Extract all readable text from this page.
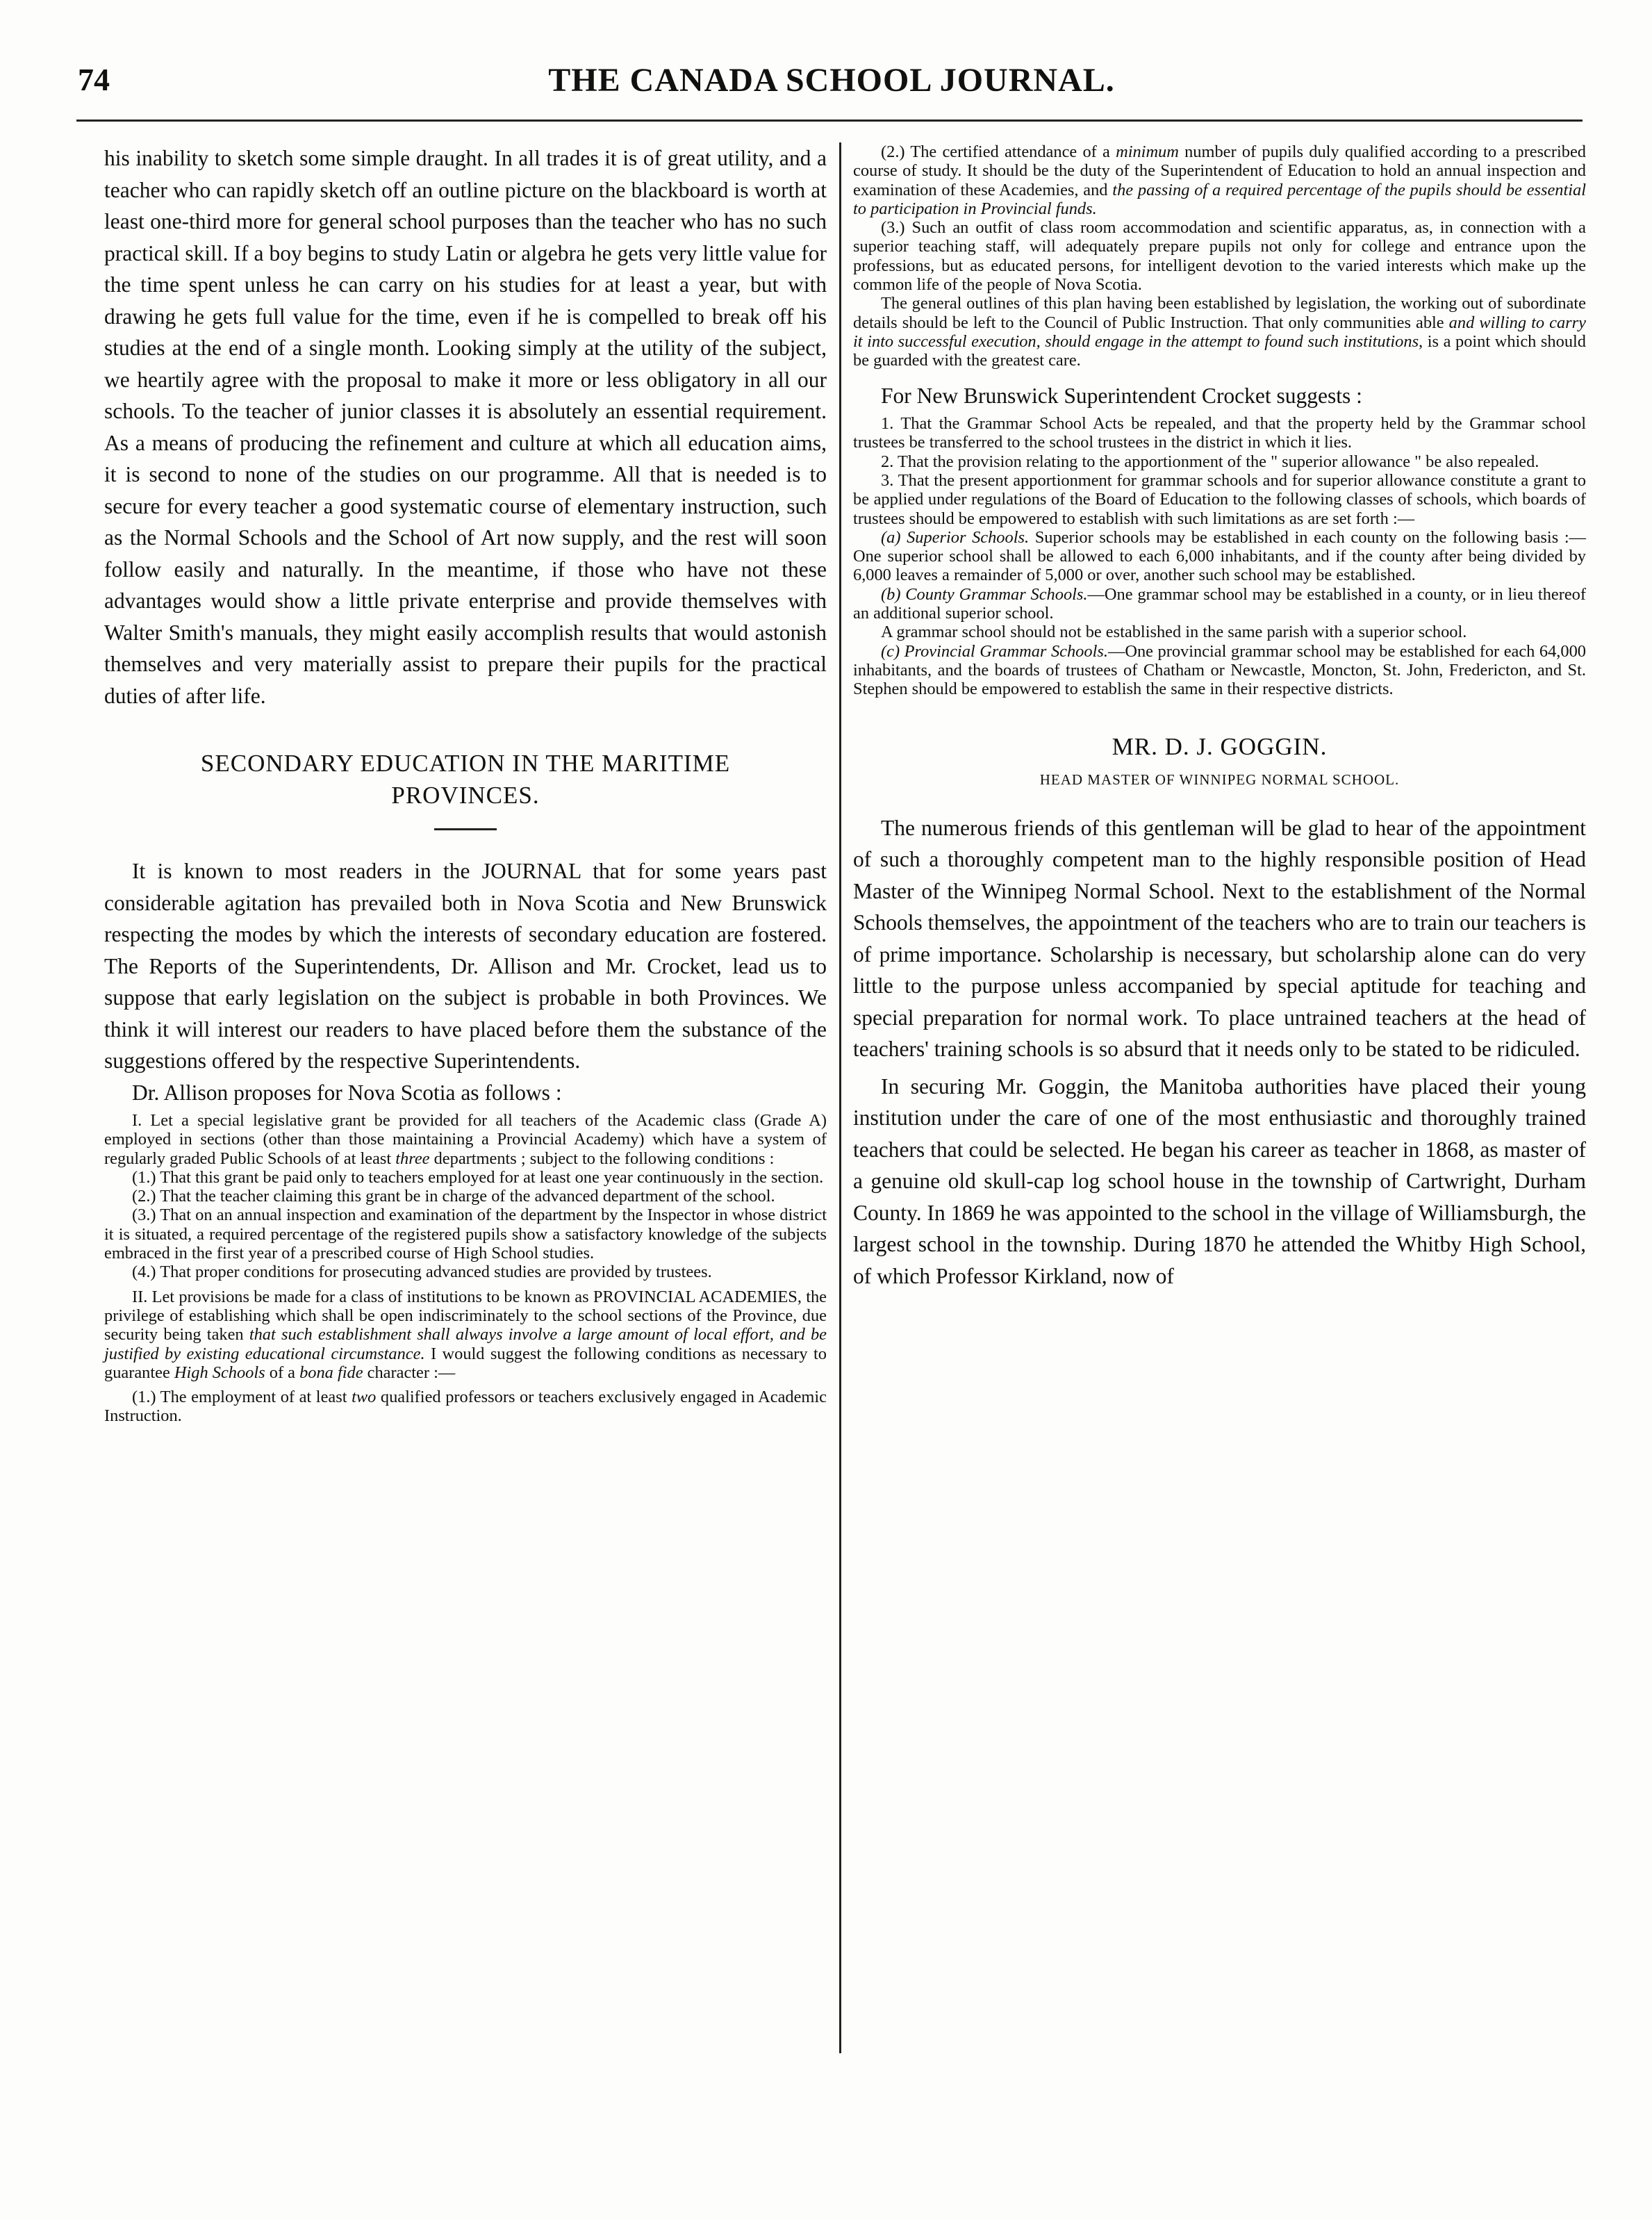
74	THE CANADA SCHOOL JOURNAL.

his inability to sketch some simple draught. In all trades it is of great utility, and a teacher who can rapidly sketch off an outline picture on the blackboard is worth at least one-third more for general school purposes than the teacher who has no such practical skill. If a boy begins to study Latin or algebra he gets very little value for the time spent unless he can carry on his studies for at least a year, but with drawing he gets full value for the time, even if he is compelled to break off his studies at the end of a single month. Looking simply at the utility of the subject, we heartily agree with the proposal to make it more or less obligatory in all our schools. To the teacher of junior classes it is absolutely an essential requirement. As a means of producing the refinement and culture at which all education aims, it is second to none of the studies on our programme. All that is needed is to secure for every teacher a good systematic course of elementary instruction, such as the Normal Schools and the School of Art now supply, and the rest will soon follow easily and naturally. In the meantime, if those who have not these advantages would show a little private enterprise and provide themselves with Walter Smith's manuals, they might easily accomplish results that would astonish themselves and very materially assist to prepare their pupils for the practical duties of after life.

SECONDARY EDUCATION IN THE MARITIME
PROVINCES.

It is known to most readers in the JOURNAL that for some years past considerable agitation has prevailed both in Nova Scotia and New Brunswick respecting the modes by which the interests of secondary education are fostered. The Reports of the Superintendents, Dr. Allison and Mr. Crocket, lead us to suppose that early legislation on the subject is probable in both Provinces. We think it will interest our readers to have placed before them the substance of the suggestions offered by the respective Superintendents.

Dr. Allison proposes for Nova Scotia as follows :

I. Let a special legislative grant be provided for all teachers of the Academic class (Grade A) employed in sections (other than those maintaining a Provincial Academy) which have a system of regularly graded Public Schools of at least three departments ; subject to the following conditions :

(1.) That this grant be paid only to teachers employed for at least one year continuously in the section.

(2.) That the teacher claiming this grant be in charge of the advanced department of the school.

(3.) That on an annual inspection and examination of the department by the Inspector in whose district it is situated, a required percentage of the registered pupils show a satisfactory knowledge of the subjects embraced in the first year of a prescribed course of High School studies.

(4.) That proper conditions for prosecuting advanced studies are provided by trustees.

II. Let provisions be made for a class of institutions to be known as PROVINCIAL ACADEMIES, the privilege of establishing which shall be open indiscriminately to the school sections of the Province, due security being taken that such establishment shall always involve a large amount of local effort, and be justified by existing educational circumstance. I would suggest the following conditions as necessary to guarantee High Schools of a bona fide character :—

(1.) The employment of at least two qualified professors or teachers exclusively engaged in Academic Instruction.

(2.) The certified attendance of a minimum number of pupils duly qualified according to a prescribed course of study. It should be the duty of the Superintendent of Education to hold an annual inspection and examination of these Academies, and the passing of a required percentage of the pupils should be essential to participation in Provincial funds.

(3.) Such an outfit of class room accommodation and scientific apparatus, as, in connection with a superior teaching staff, will adequately prepare pupils not only for college and entrance upon the professions, but as educated persons, for intelligent devotion to the varied interests which make up the common life of the people of Nova Scotia.

The general outlines of this plan having been established by legislation, the working out of subordinate details should be left to the Council of Public Instruction. That only communities able and willing to carry it into successful execution, should engage in the attempt to found such institutions, is a point which should be guarded with the greatest care.

For New Brunswick Superintendent Crocket suggests :

1. That the Grammar School Acts be repealed, and that the property held by the Grammar school trustees be transferred to the school trustees in the district in which it lies.

2. That the provision relating to the apportionment of the " superior allowance " be also repealed.

3. That the present apportionment for grammar schools and for superior allowance constitute a grant to be applied under regulations of the Board of Education to the following classes of schools, which boards of trustees should be empowered to establish with such limitations as are set forth :—

(a) Superior Schools. Superior schools may be established in each county on the following basis :—One superior school shall be allowed to each 6,000 inhabitants, and if the county after being divided by 6,000 leaves a remainder of 5,000 or over, another such school may be established.

(b) County Grammar Schools.—One grammar school may be established in a county, or in lieu thereof an additional superior school.

A grammar school should not be established in the same parish with a superior school.

(c) Provincial Grammar Schools.—One provincial grammar school may be established for each 64,000 inhabitants, and the boards of trustees of Chatham or Newcastle, Moncton, St. John, Fredericton, and St. Stephen should be empowered to establish the same in their respective districts.

MR. D. J. GOGGIN.

HEAD MASTER OF WINNIPEG NORMAL SCHOOL.

The numerous friends of this gentleman will be glad to hear of the appointment of such a thoroughly competent man to the highly responsible position of Head Master of the Winnipeg Normal School. Next to the establishment of the Normal Schools themselves, the appointment of the teachers who are to train our teachers is of prime importance. Scholarship is necessary, but scholarship alone can do very little to the purpose unless accompanied by special aptitude for teaching and special preparation for normal work. To place untrained teachers at the head of teachers' training schools is so absurd that it needs only to be stated to be ridiculed.

In securing Mr. Goggin, the Manitoba authorities have placed their young institution under the care of one of the most enthusiastic and thoroughly trained teachers that could be selected. He began his career as teacher in 1868, as master of a genuine old skull-cap log school house in the township of Cartwright, Durham County. In 1869 he was appointed to the school in the village of Williamsburgh, the largest school in the township. During 1870 he attended the Whitby High School, of which Professor Kirkland, now of
